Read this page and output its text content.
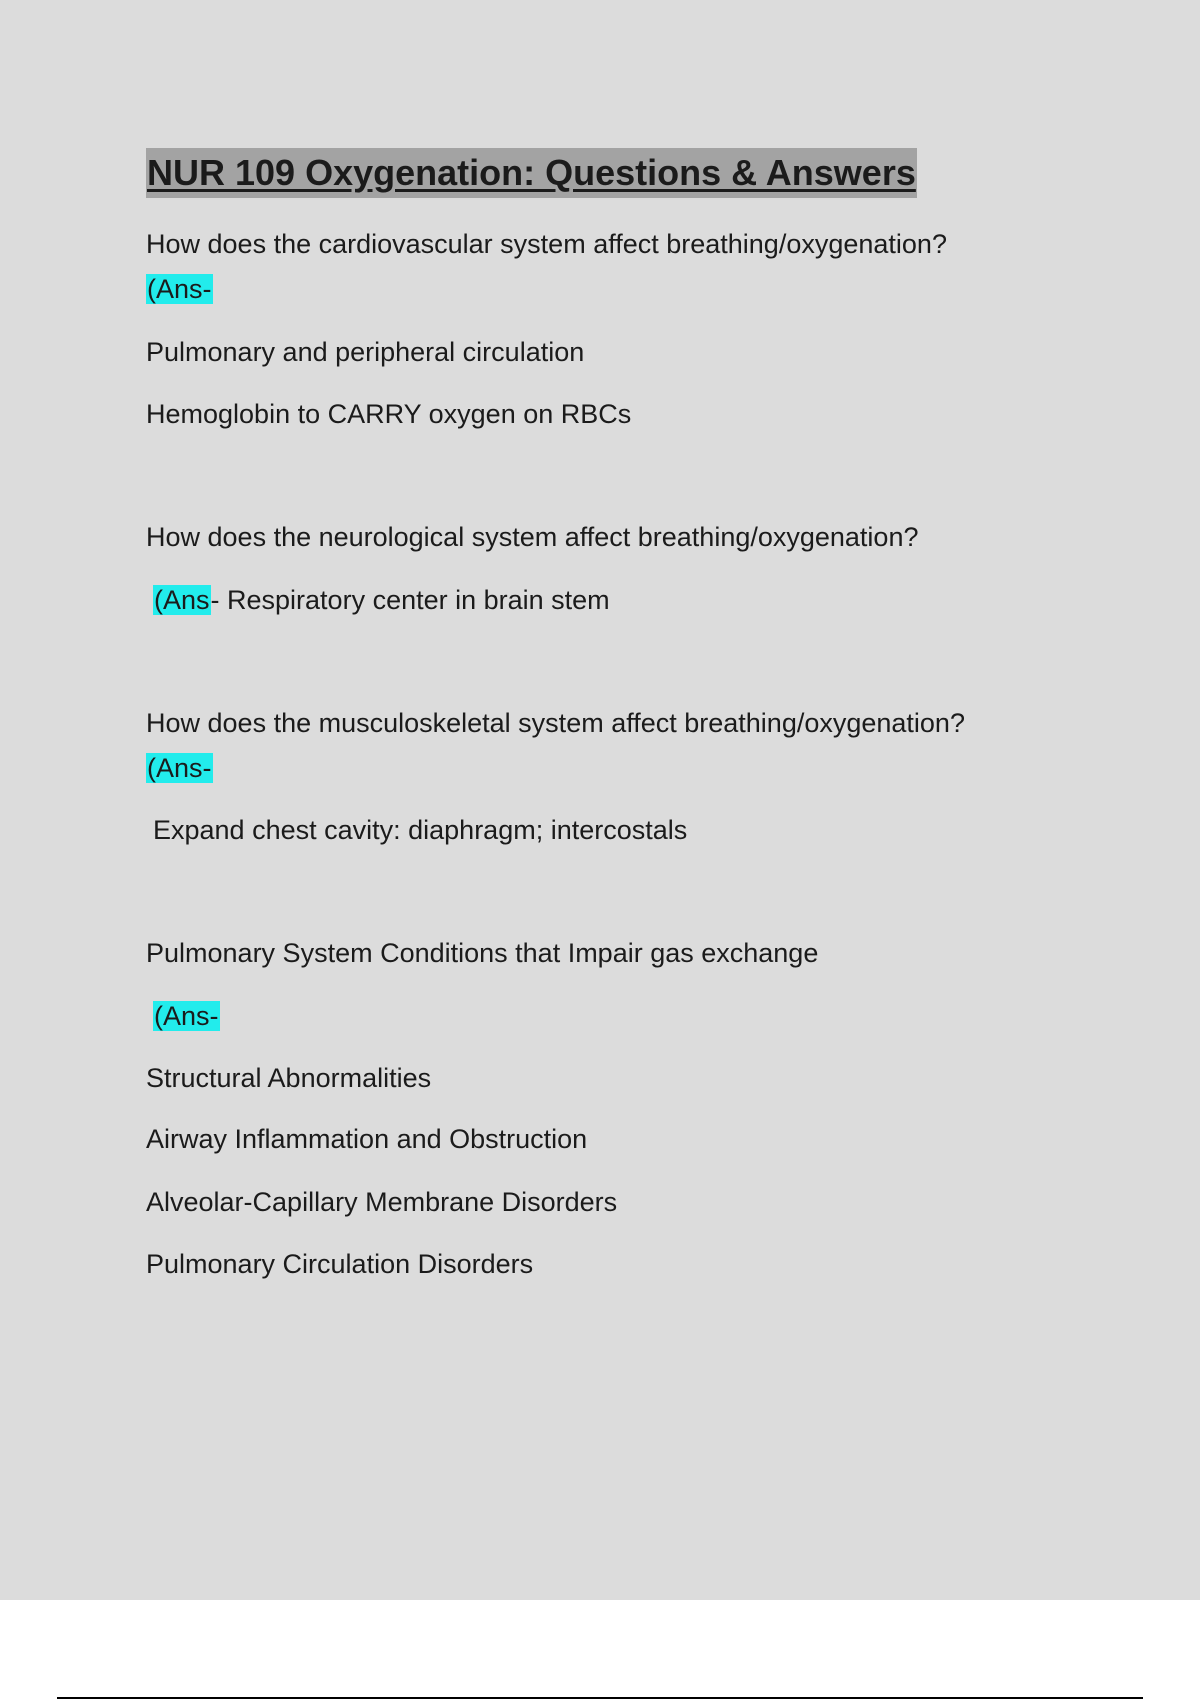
NUR 109 Oxygenation: Questions & Answers
How does the cardiovascular system affect breathing/oxygenation?
(Ans-
Pulmonary and peripheral circulation
Hemoglobin to CARRY oxygen on RBCs
How does the neurological system affect breathing/oxygenation?
(Ans- Respiratory center in brain stem
How does the musculoskeletal system affect breathing/oxygenation?
(Ans-
Expand chest cavity: diaphragm; intercostals
Pulmonary System Conditions that Impair gas exchange
(Ans-
Structural Abnormalities
Airway Inflammation and Obstruction
Alveolar-Capillary Membrane Disorders
Pulmonary Circulation Disorders
